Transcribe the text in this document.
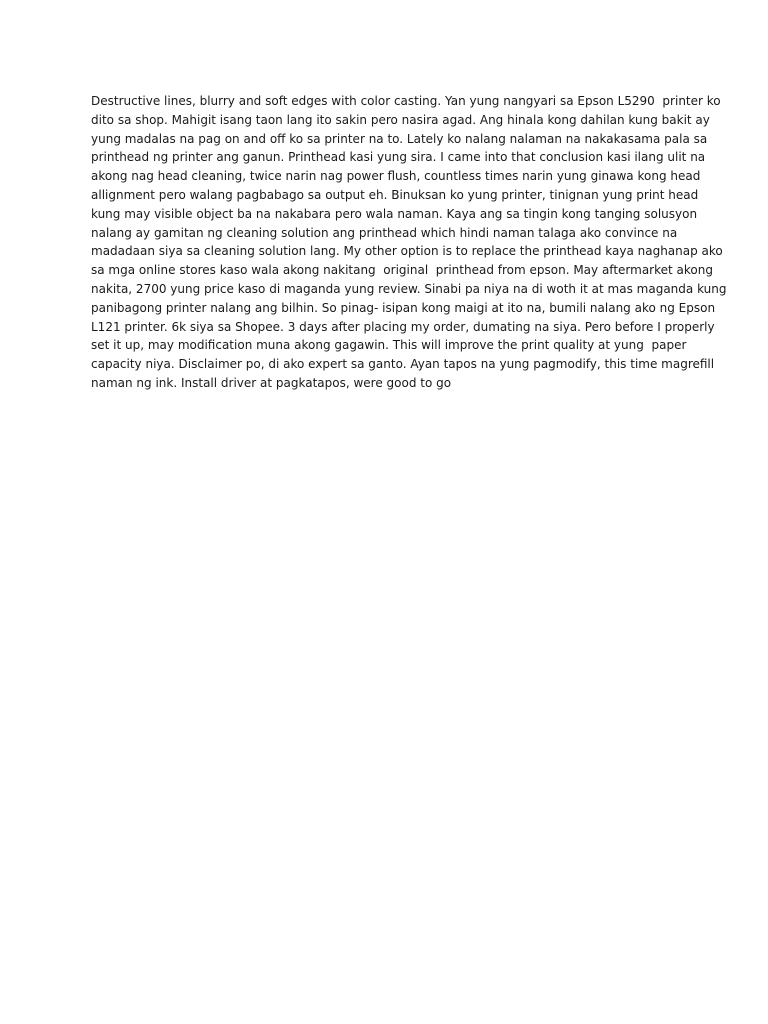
Destructive lines, blurry and soft edges with color casting. Yan yung nangyari sa Epson L5290  printer ko
dito sa shop. Mahigit isang taon lang ito sakin pero nasira agad. Ang hinala kong dahilan kung bakit ay
yung madalas na pag on and off ko sa printer na to. Lately ko nalang nalaman na nakakasama pala sa
printhead ng printer ang ganun. Printhead kasi yung sira. I came into that conclusion kasi ilang ulit na
akong nag head cleaning, twice narin nag power flush, countless times narin yung ginawa kong head
allignment pero walang pagbabago sa output eh. Binuksan ko yung printer, tinignan yung print head
kung may visible object ba na nakabara pero wala naman. Kaya ang sa tingin kong tanging solusyon
nalang ay gamitan ng cleaning solution ang printhead which hindi naman talaga ako convince na
madadaan siya sa cleaning solution lang. My other option is to replace the printhead kaya naghanap ako
sa mga online stores kaso wala akong nakitang  original  printhead from epson. May aftermarket akong
nakita, 2700 yung price kaso di maganda yung review. Sinabi pa niya na di woth it at mas maganda kung
panibagong printer nalang ang bilhin. So pinag- isipan kong maigi at ito na, bumili nalang ako ng Epson
L121 printer. 6k siya sa Shopee. 3 days after placing my order, dumating na siya. Pero before I properly
set it up, may modification muna akong gagawin. This will improve the print quality at yung  paper
capacity niya. Disclaimer po, di ako expert sa ganto. Ayan tapos na yung pagmodify, this time magrefill
naman ng ink. Install driver at pagkatapos, were good to go
